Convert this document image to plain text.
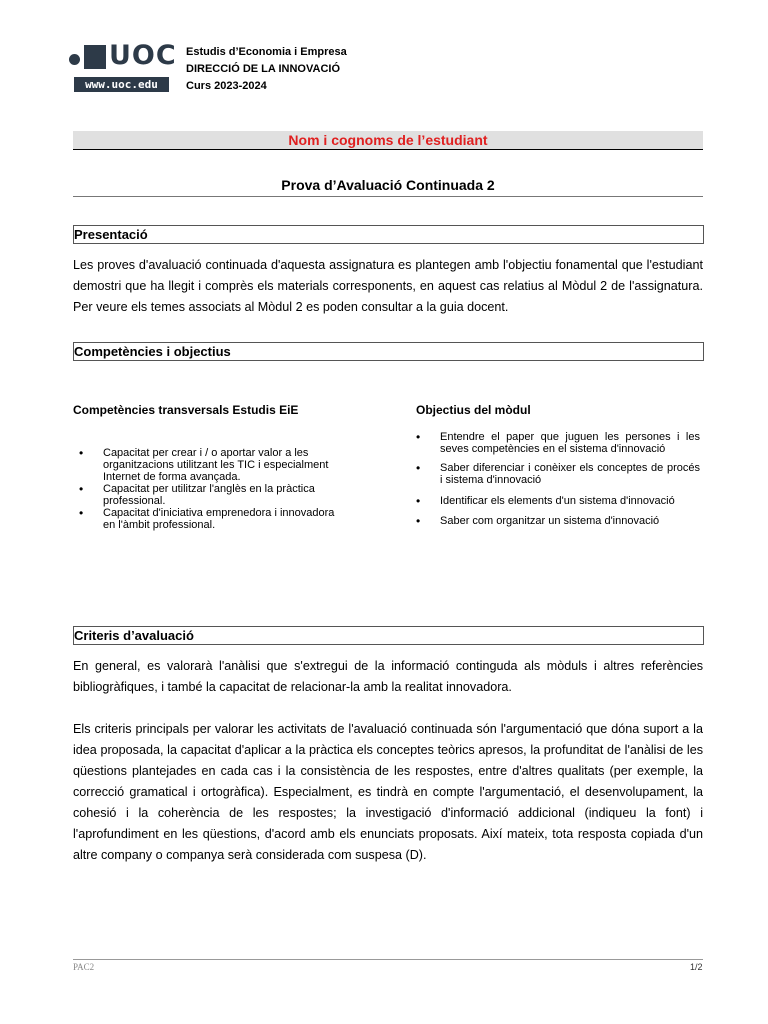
UOC
www.uoc.edu
Estudis d’Economia i Empresa
DIRECCIÓ DE LA INNOVACIÓ
Curs 2023-2024
Nom i cognoms de l’estudiant
Prova d’Avaluació Continuada 2
Presentació
Les proves d'avaluació continuada d'aquesta assignatura es plantegen amb l'objectiu fonamental que l'estudiant demostri que ha llegit i comprès els materials corresponents, en aquest cas relatius al Mòdul 2 de l'assignatura. Per veure els temes associats al Mòdul 2 es poden consultar a la guia docent.
Competències i objectius
Competències transversals Estudis EiE
• Capacitat per crear i / o aportar valor a les organitzacions utilitzant les TIC i especialment Internet de forma avançada.
• Capacitat per utilitzar l'anglès en la pràctica professional.
• Capacitat d'iniciativa emprenedora i innovadora en l'àmbit professional.
Objectius del mòdul
• Entendre el paper que juguen les persones i les seves competències en el sistema d'innovació
• Saber diferenciar i conèixer els conceptes de procés i sistema d'innovació
• Identificar els elements d'un sistema d'innovació
• Saber com organitzar un sistema d'innovació
Criteris d’avaluació
En general, es valorarà l'anàlisi que s'extregui de la informació continguda als mòduls i altres referències bibliogràfiques, i també la capacitat de relacionar-la amb la realitat innovadora.
Els criteris principals per valorar les activitats de l'avaluació continuada són l'argumentació que dóna suport a la idea proposada, la capacitat d'aplicar a la pràctica els conceptes teòrics apresos, la profunditat de l'anàlisi de les qüestions plantejades en cada cas i la consistència de les respostes, entre d'altres qualitats (per exemple, la correcció gramatical i ortogràfica). Especialment, es tindrà en compte l'argumentació, el desenvolupament, la cohesió i la coherència de les respostes; la investigació d'informació addicional (indiqueu la font) i l'aprofundiment en les qüestions, d'acord amb els enunciats proposats. Així mateix, tota resposta copiada d'un altre company o companya serà considerada com suspesa (D).
PAC2	1/2
